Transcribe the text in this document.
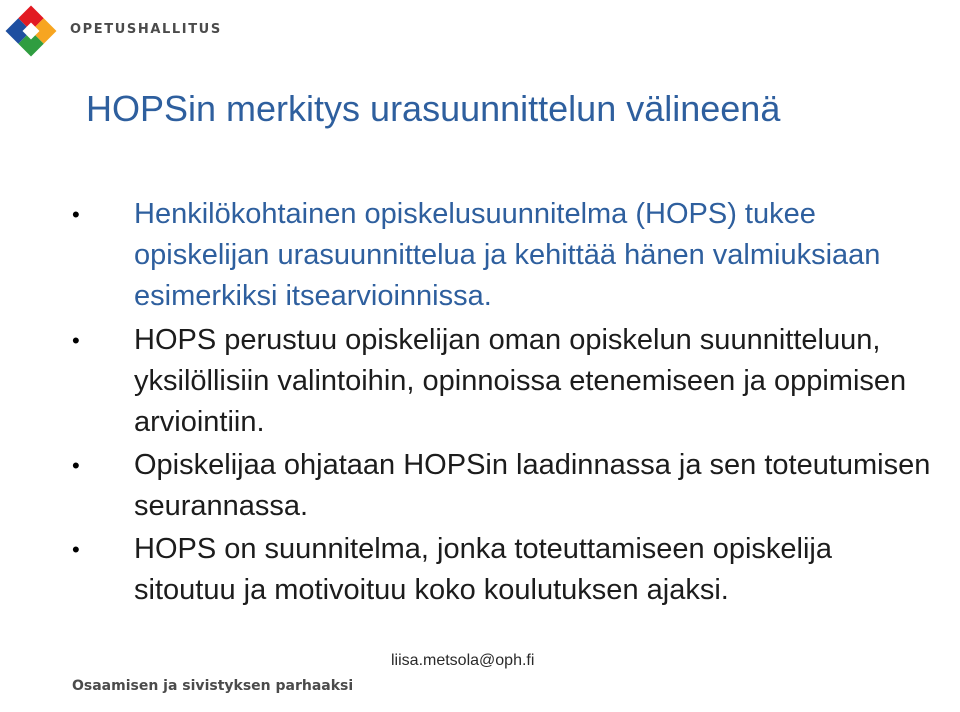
OPETUSHALLITUS
HOPSin merkitys urasuunnittelun välineenä
• Henkilökohtainen opiskelusuunnitelma (HOPS) tukee opiskelijan urasuunnittelua ja kehittää hänen valmiuksiaan esimerkiksi itsearvioinnissa.
• HOPS perustuu opiskelijan oman opiskelun suunnitteluun, yksilöllisiin valintoihin, opinnoissa etenemiseen ja oppimisen arviointiin.
• Opiskelijaa ohjataan HOPSin laadinnassa ja sen toteutumisen seurannassa.
• HOPS on suunnitelma, jonka toteuttamiseen opiskelija sitoutuu ja motivoituu koko koulutuksen ajaksi.
liisa.metsola@oph.fi
Osaamisen ja sivistyksen parhaaksi
